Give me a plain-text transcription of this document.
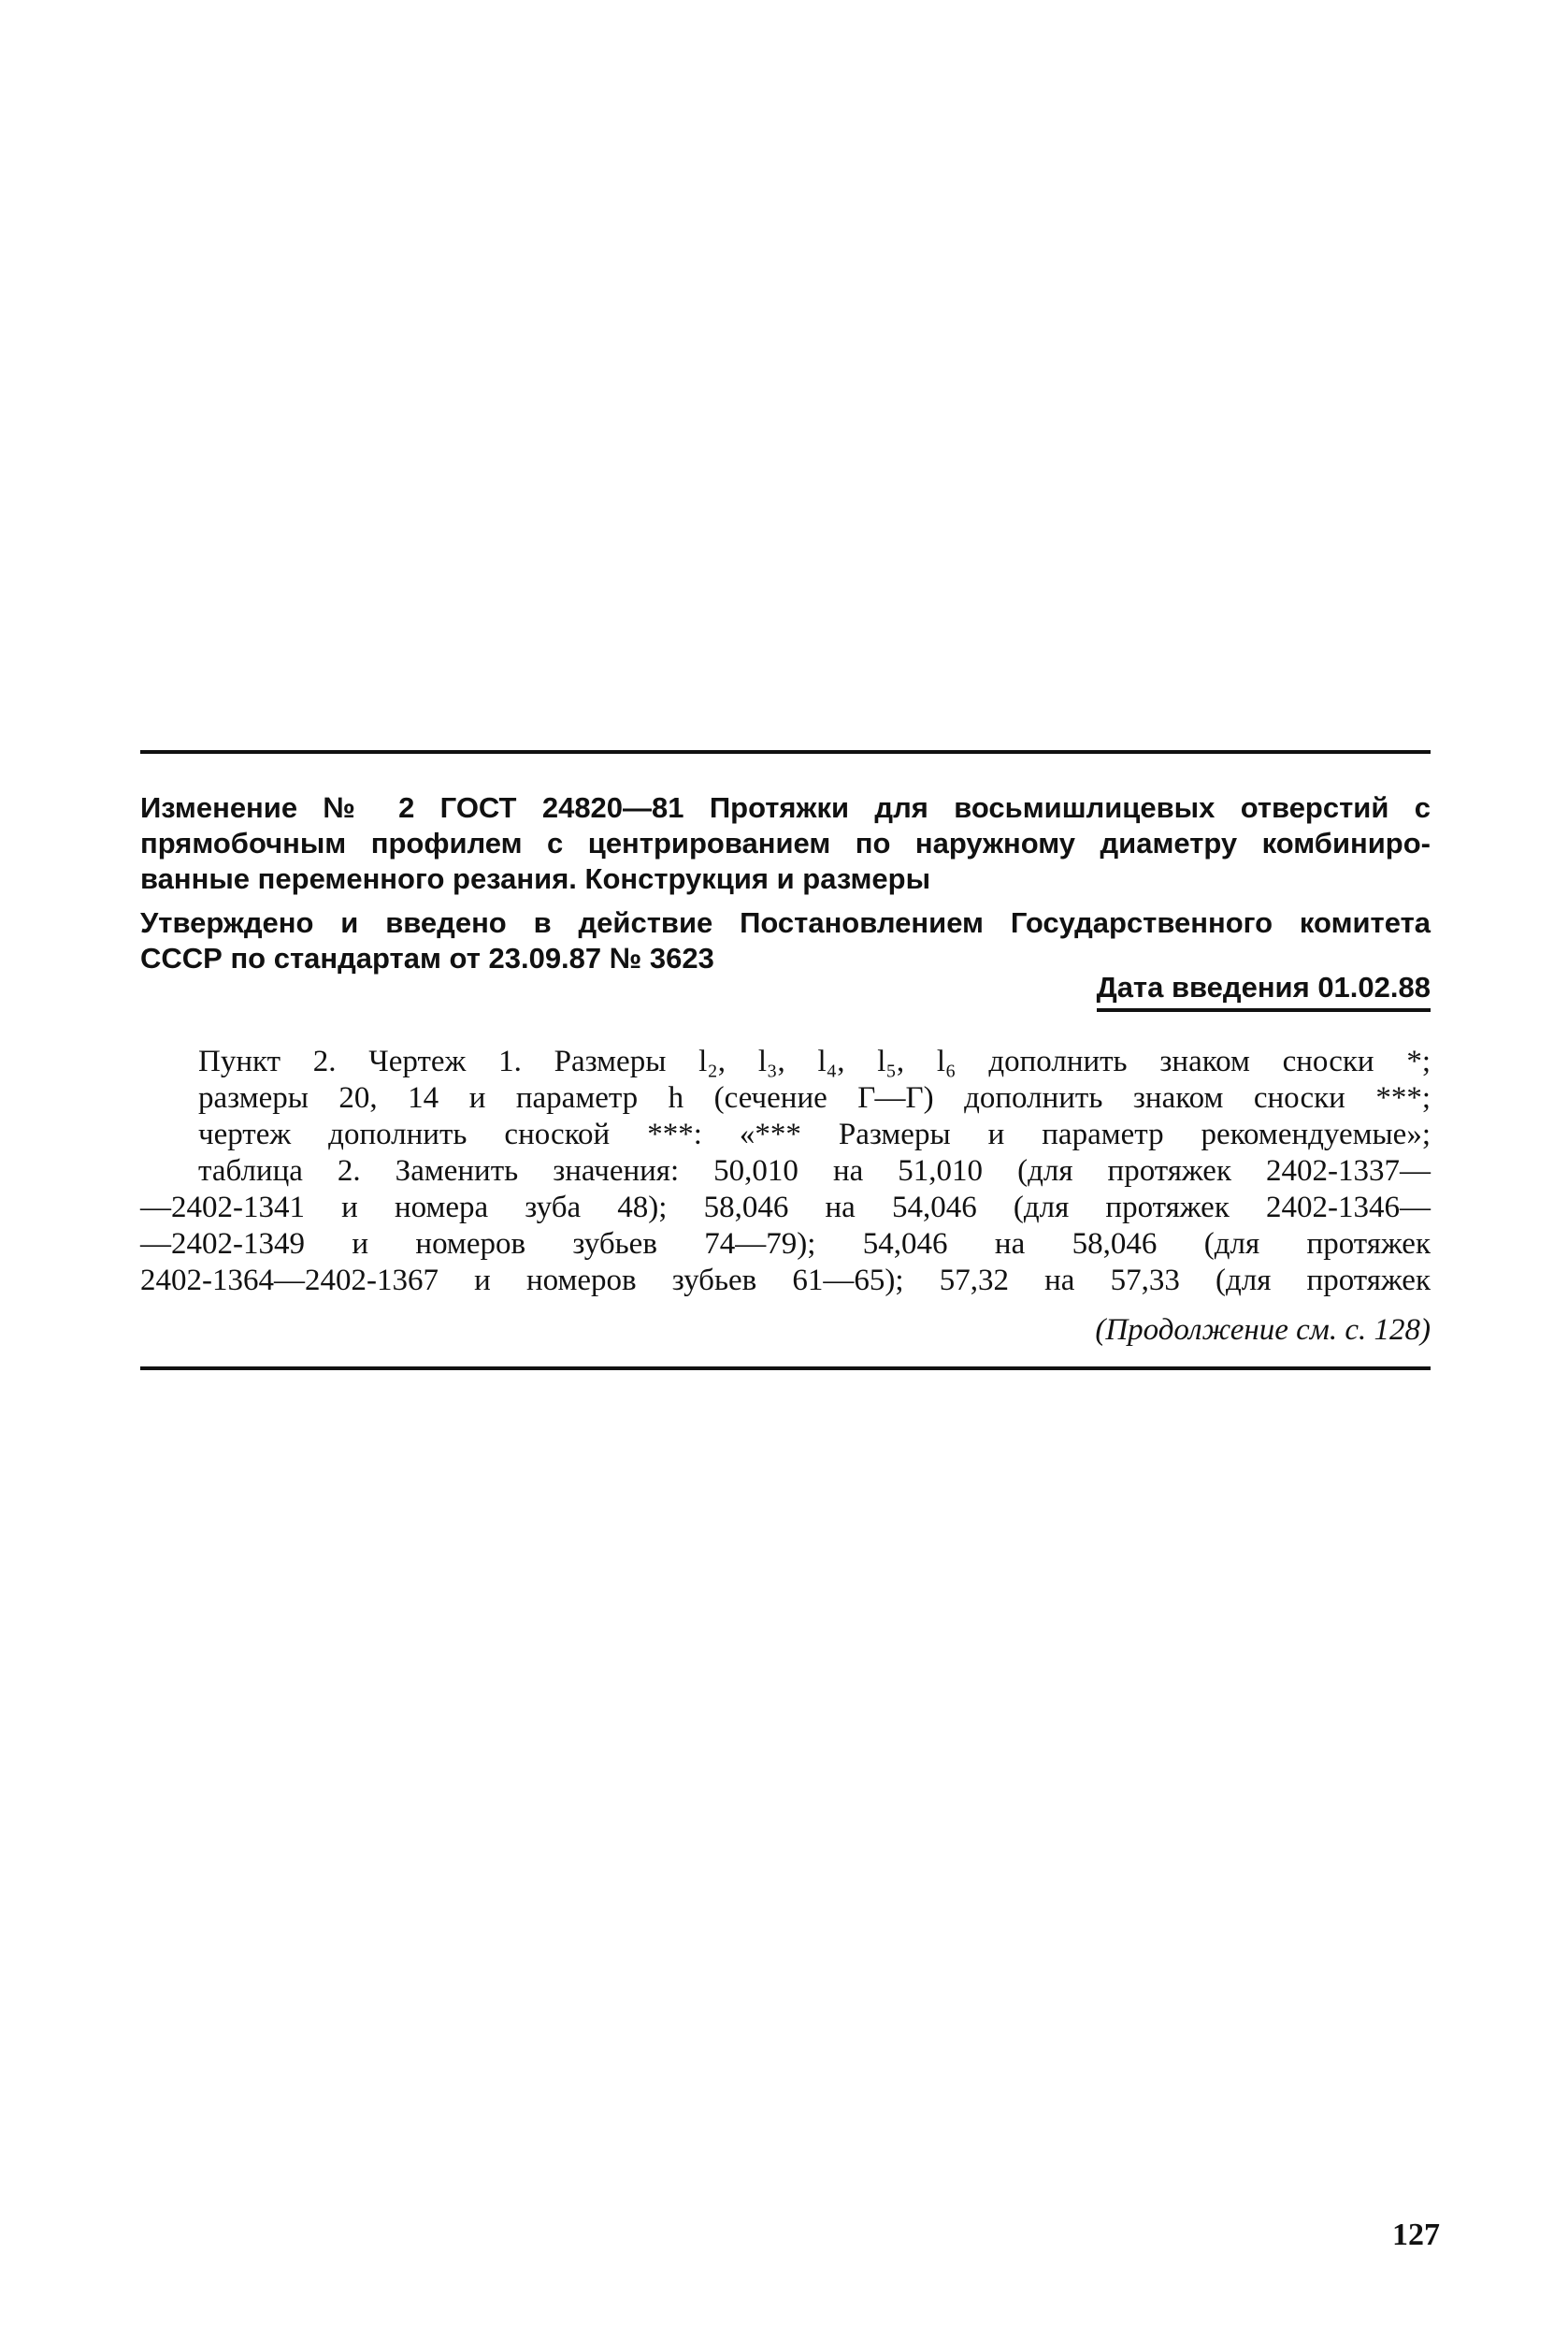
Изменение № 2 ГОСТ 24820—81 Протяжки для восьмишлицевых отверстий с
прямобочным профилем с центрированием по наружному диаметру комбиниро-
ванные переменного резания. Конструкция и размеры
Утверждено и введено в действие Постановлением Государственного комитета
СССР по стандартам от 23.09.87 № 3623
Дата введения 01.02.88
Пункт 2. Чертеж 1. Размеры l₂, l₃, l₄, l₅, l₆ дополнить знаком сноски *;
размеры 20, 14 и параметр h (сечение Г—Г) дополнить знаком сноски ***;
чертеж дополнить сноской ***: «*** Размеры и параметр рекомендуемые»;
таблица 2. Заменить значения: 50,010 на 51,010 (для протяжек 2402-1337—
—2402-1341 и номера зуба 48); 58,046 на 54,046 (для протяжек 2402-1346—
—2402-1349 и номеров зубьев 74—79); 54,046 на 58,046 (для протяжек
2402-1364—2402-1367 и номеров зубьев 61—65); 57,32 на 57,33 (для протяжек
(Продолжение см. с. 128)
127
